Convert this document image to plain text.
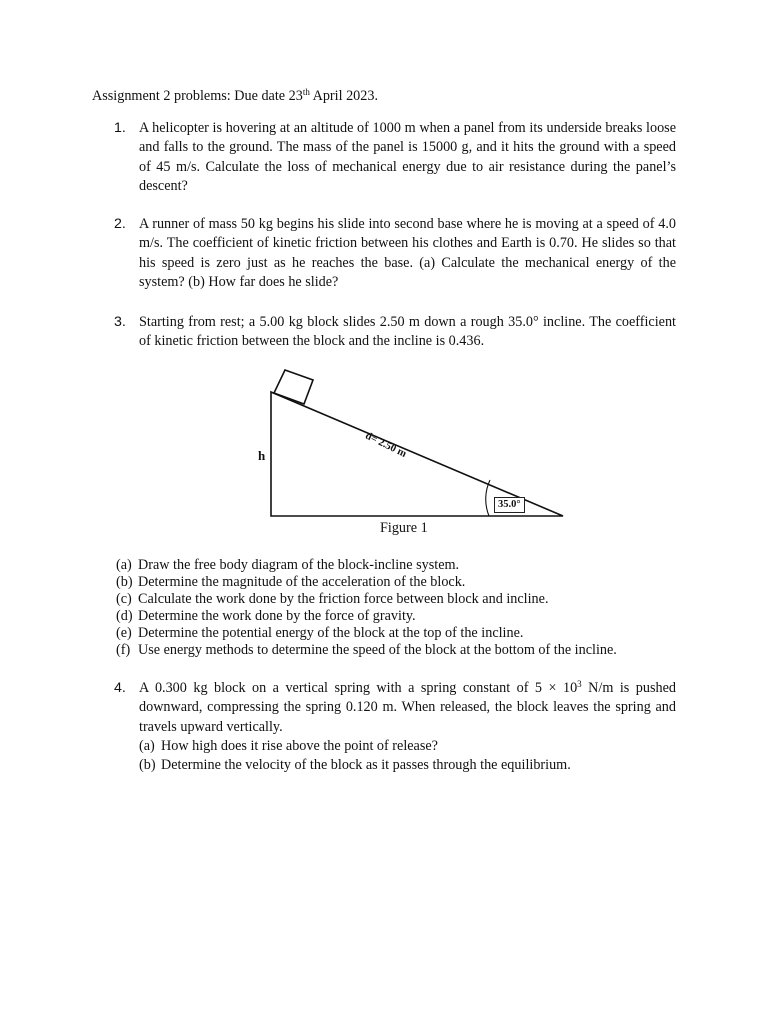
Assignment 2 problems: Due date 23th April 2023.
1. A helicopter is hovering at an altitude of 1000 m when a panel from its underside breaks loose and falls to the ground. The mass of the panel is 15000 g, and it hits the ground with a speed of 45 m/s. Calculate the loss of mechanical energy due to air resistance during the panel’s descent?
2. A runner of mass 50 kg begins his slide into second base where he is moving at a speed of 4.0 m/s. The coefficient of kinetic friction between his clothes and Earth is 0.70. He slides so that his speed is zero just as he reaches the base. (a) Calculate the mechanical energy of the system? (b) How far does he slide?
3. Starting from rest; a 5.00 kg block slides 2.50 m down a rough 35.0° incline. The coefficient of kinetic friction between the block and the incline is 0.436.
d= 2.50 m
h
35.0°
Figure 1
(a) Draw the free body diagram of the block-incline system.
(b) Determine the magnitude of the acceleration of the block.
(c) Calculate the work done by the friction force between block and incline.
(d) Determine the work done by the force of gravity.
(e) Determine the potential energy of the block at the top of the incline.
(f) Use energy methods to determine the speed of the block at the bottom of the incline.
4. A 0.300 kg block on a vertical spring with a spring constant of $5 \times 10^3$ N/m is pushed downward, compressing the spring 0.120 m. When released, the block leaves the spring and travels upward vertically.
(a) How high does it rise above the point of release?
(b) Determine the velocity of the block as it passes through the equilibrium.
